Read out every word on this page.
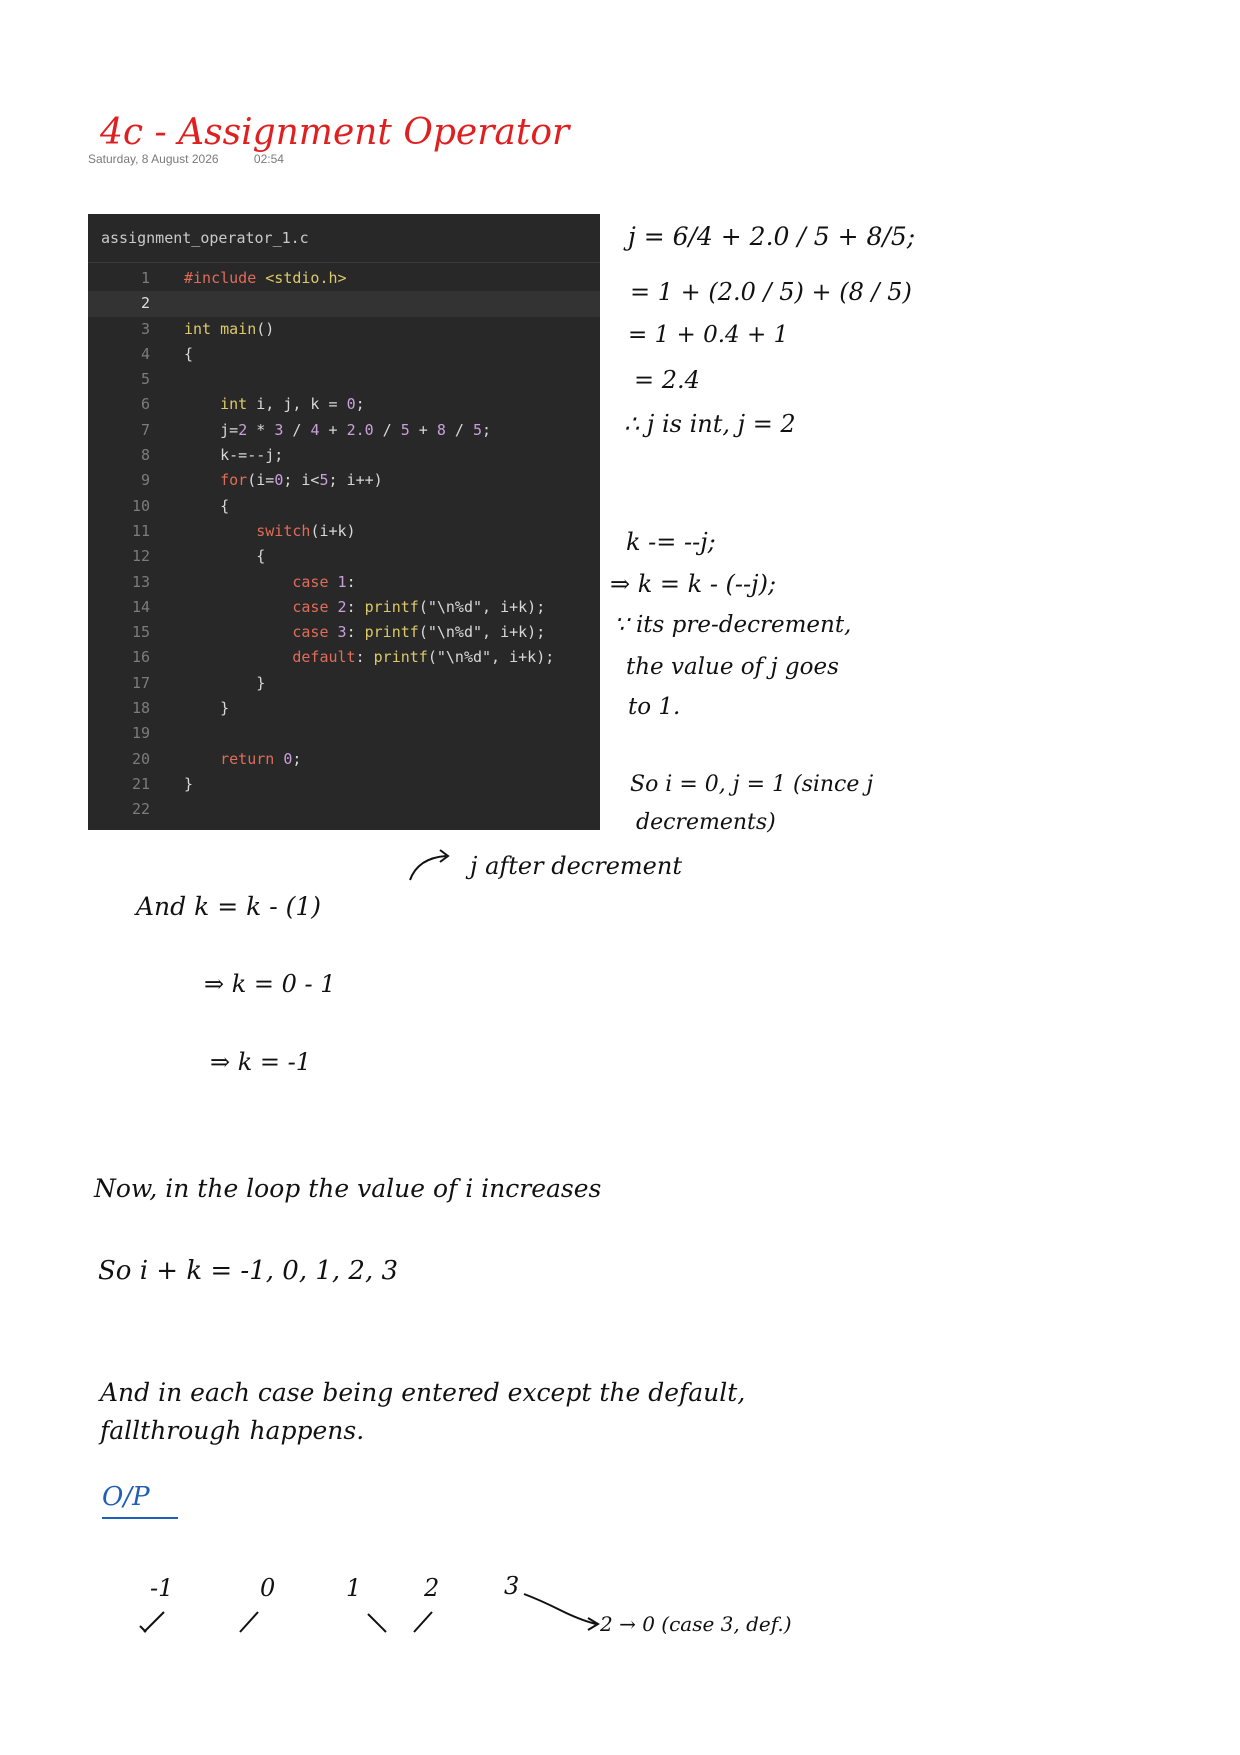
4c - Assignment Operator
Saturday, 8 August 2026	02:54
assignment_operator_1.c
1 #include <stdio.h>
2
3 int main()
4 {
5
6	int i, j, k = 0;
7 j=2 * 3 / 4 + 2.0 / 5 + 8 / 5;
8 k-=--j;
9	for(i=0; i<5; i++)
10 {
11	switch(i+k)
12 {
13	case 1:
14	case 2: printf("\n%d", i+k);
15	case 3: printf("\n%d", i+k);
16	default: printf("\n%d", i+k);
17 }
18 }
19
20	return 0;
21 }
22
j = 6/4 + 2.0 / 5 + 8/5;
= 1 + (2.0 / 5) + (8 / 5)
= 1 + 0.4 + 1
= 2.4
∴ j is int, j = 2
k -= --j;
⇒ k = k - (--j);
∵ its pre-decrement,
the value of j goes
to 1.
So i = 0, j = 1 (since j
decrements)
j after decrement
And k = k - (1)
⇒ k = 0 - 1
⇒ k = -1
Now, in the loop the value of i increases
So i + k = -1, 0, 1, 2, 3
And in each case being entered except the default,
fallthrough happens.
O/P
-1	0	1	2	3
2 → 0 (case 3, def.)
